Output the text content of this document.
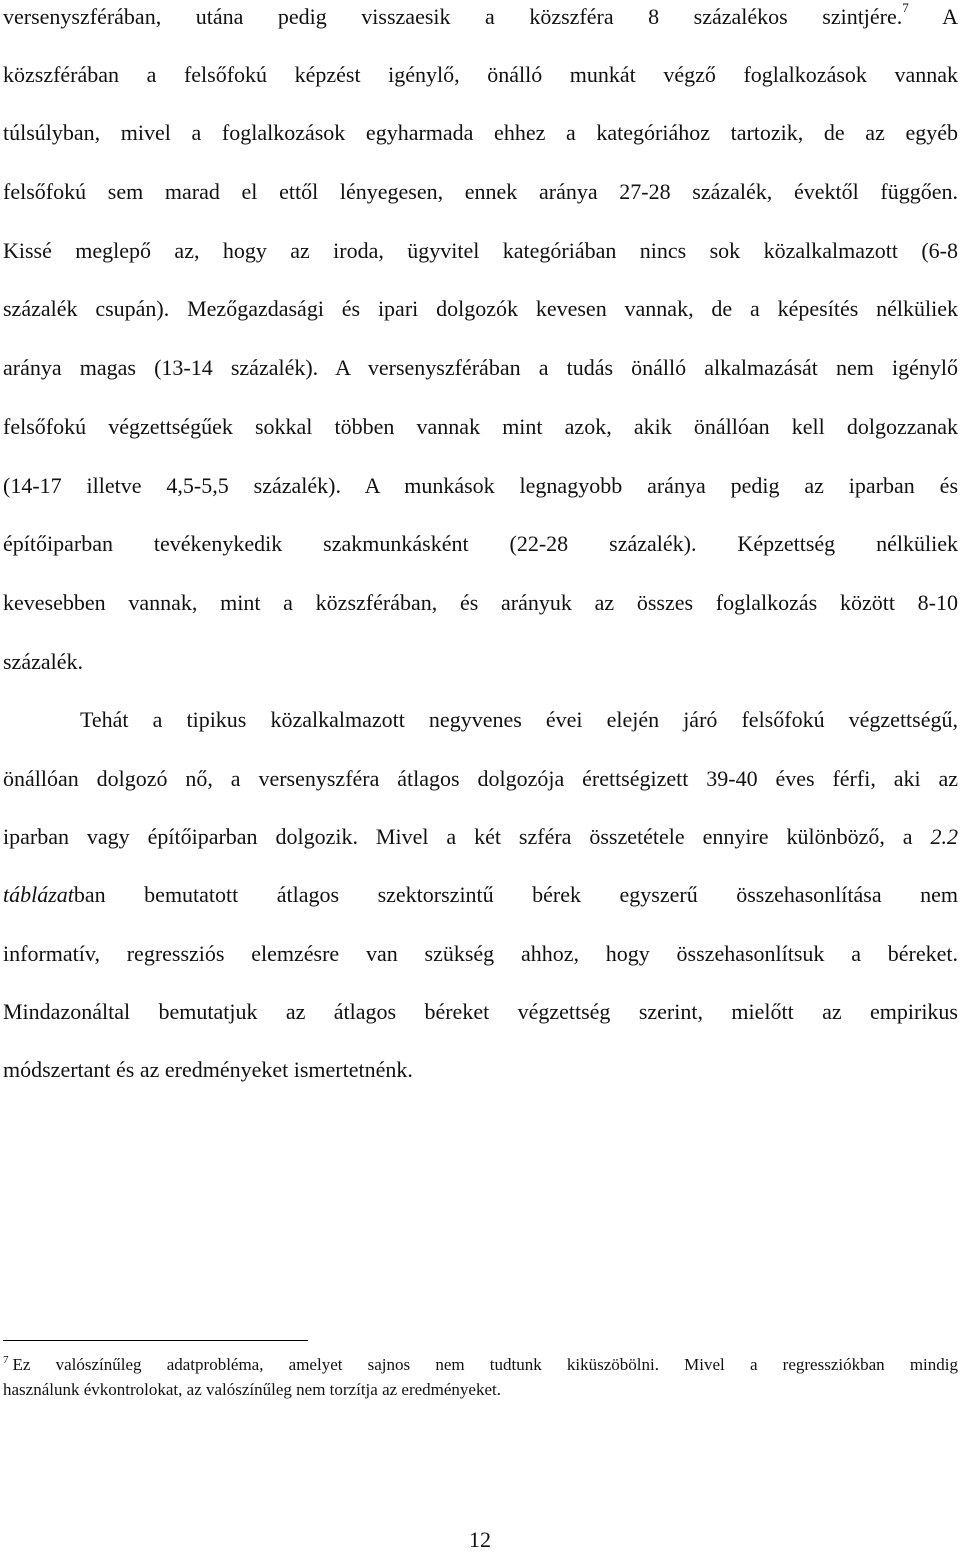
versenyszférában, utána pedig visszaesik a közszféra 8 százalékos szintjére.$^7$ A
közszférában a felsőfokú képzést igénylő, önálló munkát végző foglalkozások vannak
túlsúlyban, mivel a foglalkozások egyharmada ehhez a kategóriához tartozik, de az egyéb
felsőfokú sem marad el ettől lényegesen, ennek aránya 27-28 százalék, évektől függően.
Kissé meglepő az, hogy az iroda, ügyvitel kategóriában nincs sok közalkalmazott (6-8
százalék csupán). Mezőgazdasági és ipari dolgozók kevesen vannak, de a képesítés nélküliek
aránya magas (13-14 százalék). A versenyszférában a tudás önálló alkalmazását nem igénylő
felsőfokú végzettségűek sokkal többen vannak mint azok, akik önállóan kell dolgozzanak
(14-17 illetve 4,5-5,5 százalék). A munkások legnagyobb aránya pedig az iparban és
építőiparban tevékenykedik szakmunkásként (22-28 százalék). Képzettség nélküliek
kevesebben vannak, mint a közszférában, és arányuk az összes foglalkozás között 8-10
százalék.
Tehát a tipikus közalkalmazott negyvenes évei elején járó felsőfokú végzettségű,
önállóan dolgozó nő, a versenyszféra átlagos dolgozója érettségizett 39-40 éves férfi, aki az
iparban vagy építőiparban dolgozik. Mivel a két szféra összetétele ennyire különböző, a 2.2
táblázatban bemutatott átlagos szektorszintű bérek egyszerű összehasonlítása nem
informatív, regressziós elemzésre van szükség ahhoz, hogy összehasonlítsuk a béreket.
Mindazonáltal bemutatjuk az átlagos béreket végzettség szerint, mielőtt az empirikus
módszertant és az eredményeket ismertetnénk.
$^7$ Ez valószínűleg adatprobléma, amelyet sajnos nem tudtunk kiküszöbölni. Mivel a regressziókban mindig
használunk évkontrolokat, az valószínűleg nem torzítja az eredményeket.
12
